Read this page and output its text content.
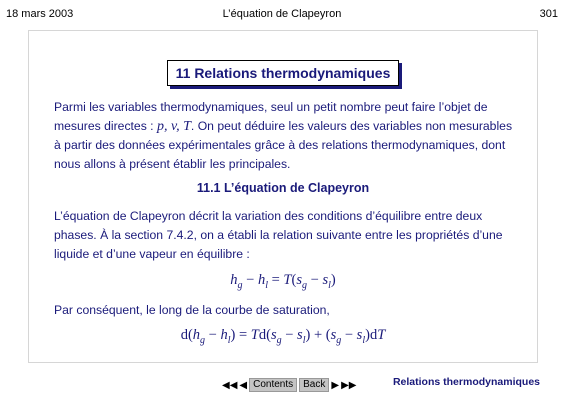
18 mars 2003	L’équation de Clapeyron	301
11 Relations thermodynamiques
Parmi les variables thermodynamiques, seul un petit nombre peut faire l’objet de
mesures directes : p, v, T. On peut déduire les valeurs des variables non mesurables
à partir des données expérimentales grâce à des relations thermodynamiques, dont
nous allons à présent établir les principales.
11.1 L’équation de Clapeyron
L’équation de Clapeyron décrit la variation des conditions d’équilibre entre deux
phases. À la section 7.4.2, on a établi la relation suivante entre les propriétés d’une
liquide et d’une vapeur en équilibre :
$h_g - h_l = T(s_g - s_l)$
Par conséquent, le long de la courbe de saturation,
$d(h_g - h_l) = Td(s_g - s_l) + (s_g - s_l)dT$
◀◀ ◀ Contents	Back ▶ ▶▶	Relations thermodynamiques
